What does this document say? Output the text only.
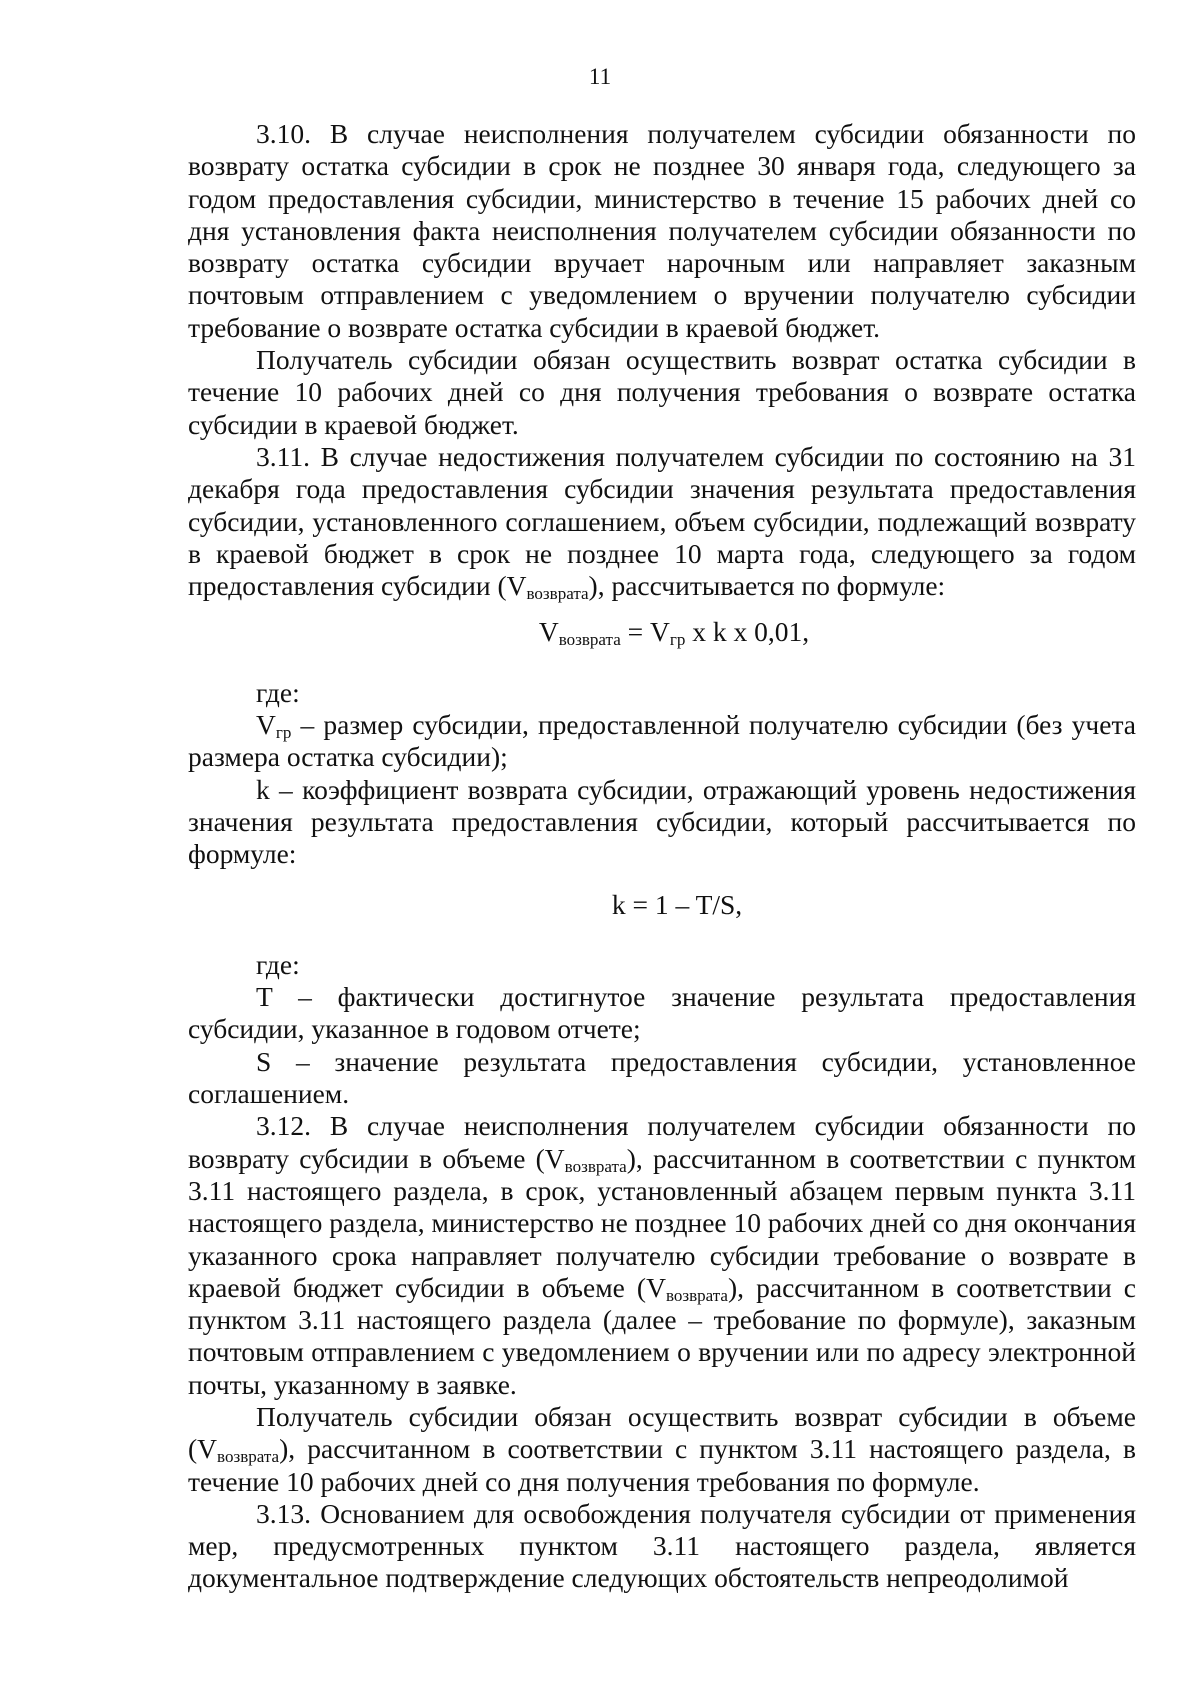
11

3.10. В случае неисполнения получателем субсидии обязанности по возврату остатка субсидии в срок не позднее 30 января года, следующего за годом предоставления субсидии, министерство в течение 15 рабочих дней со дня установления факта неисполнения получателем субсидии обязанности по возврату остатка субсидии вручает нарочным или направляет заказным почтовым отправлением с уведомлением о вручении получателю субсидии требование о возврате остатка субсидии в краевой бюджет.

Получатель субсидии обязан осуществить возврат остатка субсидии в течение 10 рабочих дней со дня получения требования о возврате остатка субсидии в краевой бюджет.

3.11. В случае недостижения получателем субсидии по состоянию на 31 декабря года предоставления субсидии значения результата предоставления субсидии, установленного соглашением, объем субсидии, подлежащий возврату в краевой бюджет в срок не позднее 10 марта года, следующего за годом предоставления субсидии $(V_{возврата})$, рассчитывается по формуле:

$V_{возврата} = V_{гр}$ x k x 0,01,

где:

$V_{гр}$ – размер субсидии, предоставленной получателю субсидии (без учета размера остатка субсидии);

k – коэффициент возврата субсидии, отражающий уровень недостижения значения результата предоставления субсидии, который рассчитывается по формуле:

k = 1 – T/S,

где:

T – фактически достигнутое значение результата предоставления субсидии, указанное в годовом отчете;

S – значение результата предоставления субсидии, установленное соглашением.

3.12. В случае неисполнения получателем субсидии обязанности по возврату субсидии в объеме $(V_{возврата})$, рассчитанном в соответствии с пунктом 3.11 настоящего раздела, в срок, установленный абзацем первым пункта 3.11 настоящего раздела, министерство не позднее 10 рабочих дней со дня окончания указанного срока направляет получателю субсидии требование о возврате в краевой бюджет субсидии в объеме $(V_{возврата})$, рассчитанном в соответствии с пунктом 3.11 настоящего раздела (далее – требование по формуле), заказным почтовым отправлением с уведомлением о вручении или по адресу электронной почты, указанному в заявке.

Получатель субсидии обязан осуществить возврат субсидии в объеме $(V_{возврата})$, рассчитанном в соответствии с пунктом 3.11 настоящего раздела, в течение 10 рабочих дней со дня получения требования по формуле.

3.13. Основанием для освобождения получателя субсидии от применения мер, предусмотренных пунктом 3.11 настоящего раздела, является документальное подтверждение следующих обстоятельств непреодолимой
